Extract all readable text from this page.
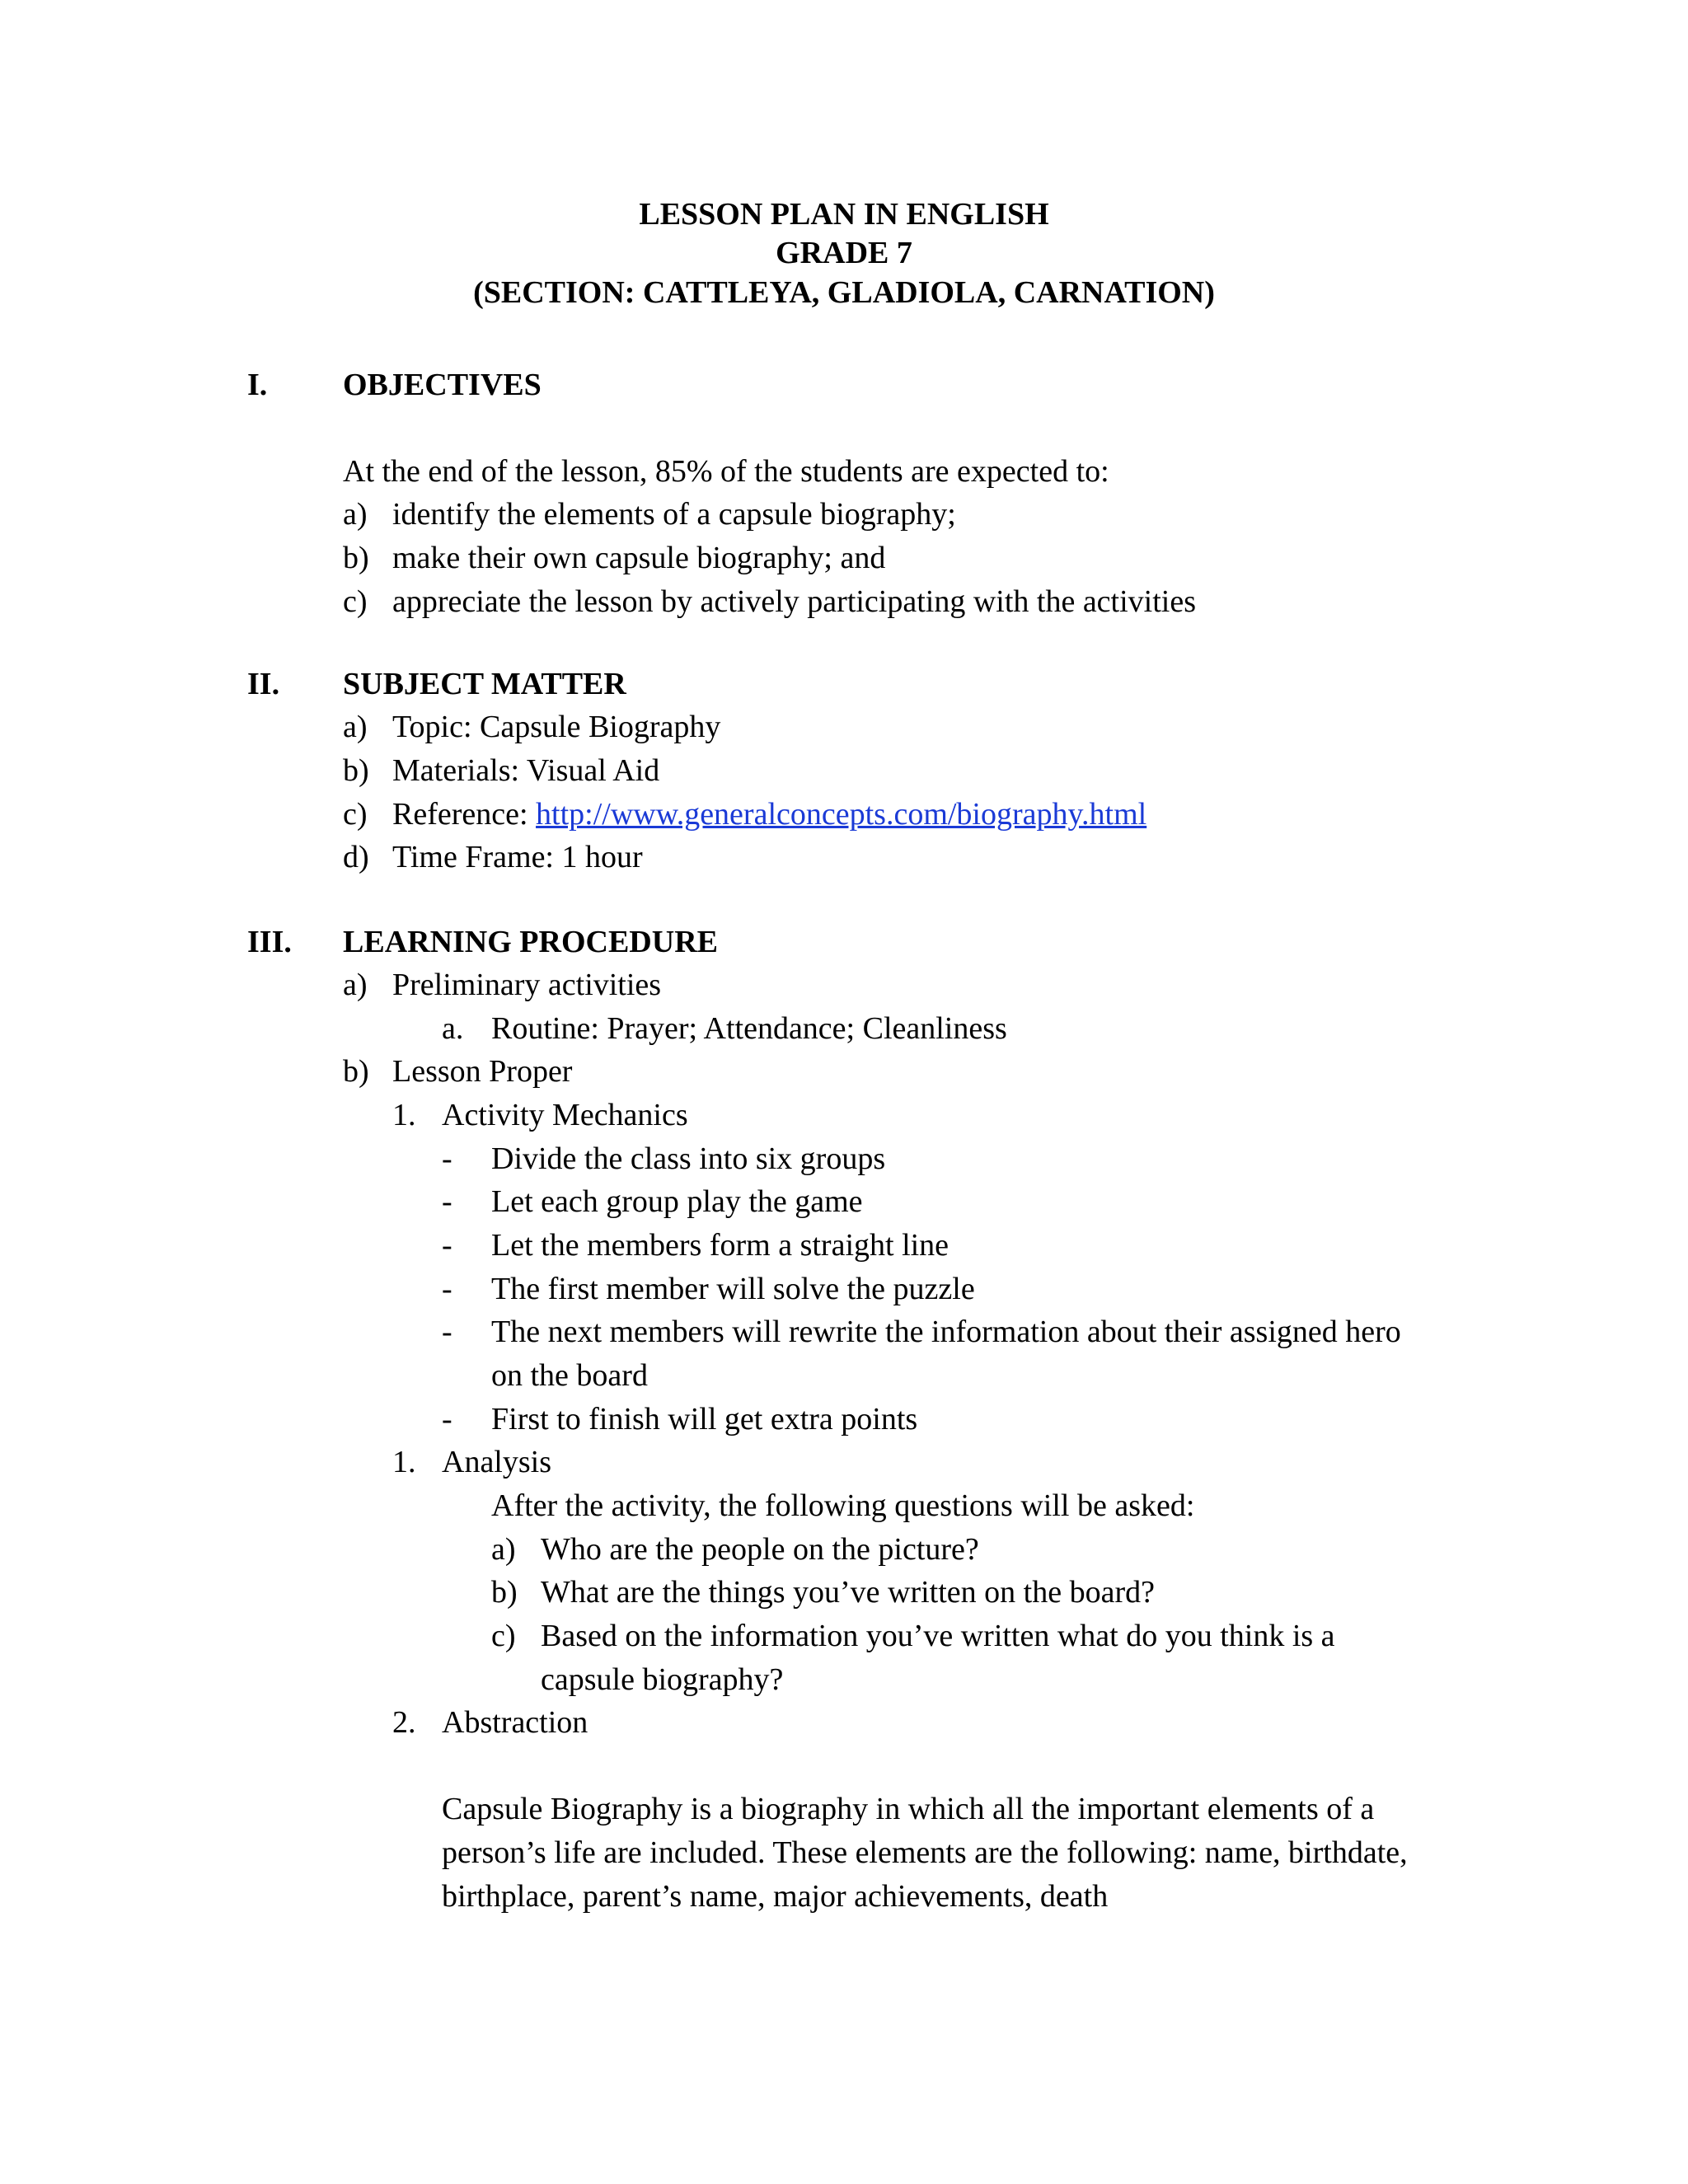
LESSON PLAN IN ENGLISH
GRADE 7
(SECTION: CATTLEYA, GLADIOLA, CARNATION)
I. OBJECTIVES
At the end of the lesson, 85% of the students are expected to:
a) identify the elements of a capsule biography;
b) make their own capsule biography; and
c) appreciate the lesson by actively participating with the activities
II. SUBJECT MATTER
a) Topic: Capsule Biography
b) Materials: Visual Aid
c) Reference: http://www.generalconcepts.com/biography.html
d) Time Frame: 1 hour
III. LEARNING PROCEDURE
a) Preliminary activities
a. Routine: Prayer; Attendance; Cleanliness
b) Lesson Proper
1. Activity Mechanics
- Divide the class into six groups
- Let each group play the game
- Let the members form a straight line
- The first member will solve the puzzle
- The next members will rewrite the information about their assigned hero
on the board
- First to finish will get extra points
1. Analysis
After the activity, the following questions will be asked:
a) Who are the people on the picture?
b) What are the things you’ve written on the board?
c) Based on the information you’ve written what do you think is a
capsule biography?
2. Abstraction
Capsule Biography is a biography in which all the important elements of a
person’s life are included. These elements are the following: name, birthdate,
birthplace, parent’s name, major achievements, death
